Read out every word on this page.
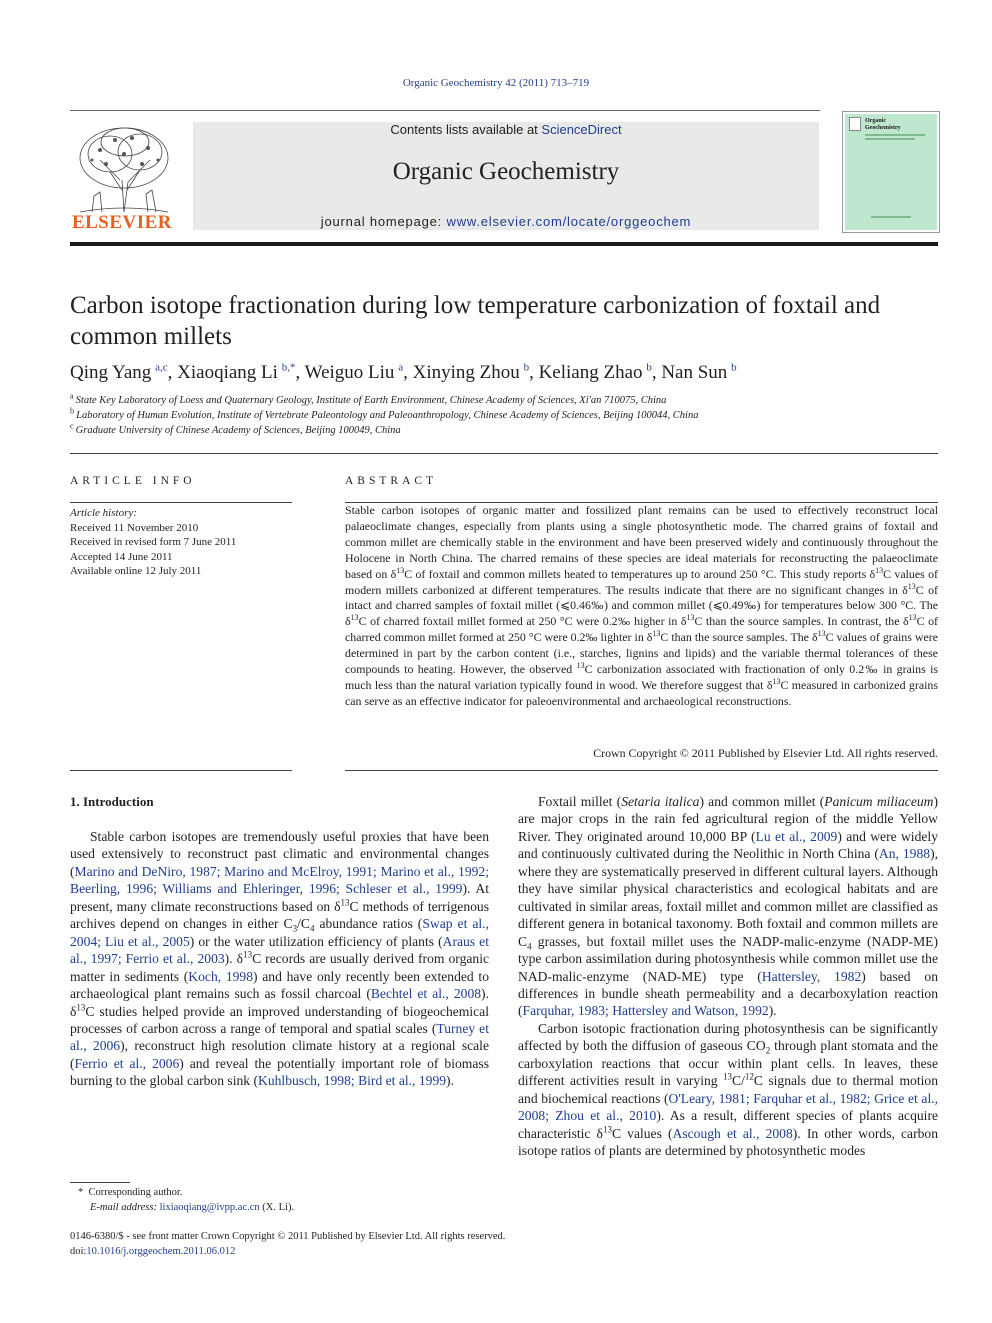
Organic Geochemistry 42 (2011) 713–719
ELSEVIER
Contents lists available at ScienceDirect
Organic Geochemistry
journal homepage: www.elsevier.com/locate/orggeochem
Organic
Geochemistry
Carbon isotope fractionation during low temperature carbonization of foxtail and common millets
Qing Yang  $^{a,c}$, Xiaoqiang Li  $^{b,*}$, Weiguo Liu  $^a$, Xinying Zhou  $^b$, Keliang Zhao  $^b$, Nan Sun  $^b$
$^a$  State Key Laboratory of Loess and Quaternary Geology, Institute of Earth Environment, Chinese Academy of Sciences, Xi'an 710075, China
$^b$  Laboratory of Human Evolution, Institute of Vertebrate Paleontology and Paleoanthropology, Chinese Academy of Sciences, Beijing 100044, China
$^c$  Graduate University of Chinese Academy of Sciences, Beijing 100049, China
ARTICLE INFO
Article history:
Received 11 November 2010
Received in revised form 7 June 2011
Accepted 14 June 2011
Available online 12 July 2011
ABSTRACT
Stable carbon isotopes of organic matter and fossilized plant remains can be used to effectively reconstruct local palaeoclimate changes, especially from plants using a single photosynthetic mode. The charred grains of foxtail and common millet are chemically stable in the environment and have been preserved widely and continuously throughout the Holocene in North China. The charred remains of these species are ideal materials for reconstructing the palaeoclimate based on $\delta^{13}C$ of foxtail and common millets heated to temperatures up to around 250 °C. This study reports $\delta^{13}C$ values of modern millets carbonized at different temperatures. The results indicate that there are no significant changes in $\delta^{13}C$ of intact and charred samples of foxtail millet (⩽0.46‰) and common millet (⩽0.49‰) for temperatures below 300 °C. The $\delta^{13}C$ of charred foxtail millet formed at 250 °C were 0.2‰ higher in $\delta^{13}C$ than the source samples. In contrast, the $\delta^{13}C$ of charred common millet formed at 250 °C were 0.2‰ lighter in $\delta^{13}C$ than the source samples. The $\delta^{13}C$ values of grains were determined in part by the carbon content (i.e., starches, lignins and lipids) and the variable thermal tolerances of these compounds to heating. However, the observed $^{13}$C carbonization associated with fractionation of only 0.2‰ in grains is much less than the natural variation typically found in wood. We therefore suggest that $\delta^{13}C$ measured in carbonized grains can serve as an effective indicator for paleoenvironmental and archaeological reconstructions.
Crown Copyright © 2011 Published by Elsevier Ltd. All rights reserved.
1. Introduction
Stable carbon isotopes are tremendously useful proxies that have been used extensively to reconstruct past climatic and environmental changes (Marino and DeNiro, 1987; Marino and McElroy, 1991; Marino et al., 1992; Beerling, 1996; Williams and Ehleringer, 1996; Schleser et al., 1999). At present, many climate reconstructions based on $\delta^{13}C$ methods of terrigenous archives depend on changes in either $C_3/C_4$ abundance ratios (Swap et al., 2004; Liu et al., 2005) or the water utilization efficiency of plants (Araus et al., 1997; Ferrio et al., 2003). $\delta^{13}C$ records are usually derived from organic matter in sediments (Koch, 1998) and have only recently been extended to archaeological plant remains such as fossil charcoal (Bechtel et al., 2008). $\delta^{13}C$ studies helped provide an improved understanding of biogeochemical processes of carbon across a range of temporal and spatial scales (Turney et al., 2006), reconstruct high resolution climate history at a regional scale (Ferrio et al., 2006) and reveal the potentially important role of biomass burning to the global carbon sink (Kuhlbusch, 1998; Bird et al., 1999).
Foxtail millet (Setaria italica) and common millet (Panicum miliaceum) are major crops in the rain fed agricultural region of the middle Yellow River. They originated around 10,000 BP (Lu et al., 2009) and were widely and continuously cultivated during the Neolithic in North China (An, 1988), where they are systematically preserved in different cultural layers. Although they have similar physical characteristics and ecological habitats and are cultivated in similar areas, foxtail millet and common millet are classified as different genera in botanical taxonomy. Both foxtail and common millets are $C_4$ grasses, but foxtail millet uses the NADP-malic-enzyme (NADP-ME) type carbon assimilation during photosynthesis while common millet use the NAD-malic-enzyme (NAD-ME) type (Hattersley, 1982) based on differences in bundle sheath permeability and a decarboxylation reaction (Farquhar, 1983; Hattersley and Watson, 1992).
Carbon isotopic fractionation during photosynthesis can be significantly affected by both the diffusion of gaseous $CO_2$ through plant stomata and the carboxylation reactions that occur within plant cells. In leaves, these different activities result in varying $^{13}$C/$^{12}$C signals due to thermal motion and biochemical reactions (O'Leary, 1981; Farquhar et al., 1982; Grice et al., 2008; Zhou et al., 2010). As a result, different species of plants acquire characteristic $\delta^{13}C$ values (Ascough et al., 2008). In other words, carbon isotope ratios of plants are determined by photosynthetic modes
* Corresponding author.
E-mail address: lixiaoqiang@ivpp.ac.cn (X. Li).
0146-6380/$ - see front matter Crown Copyright © 2011 Published by Elsevier Ltd. All rights reserved.
doi:10.1016/j.orggeochem.2011.06.012
